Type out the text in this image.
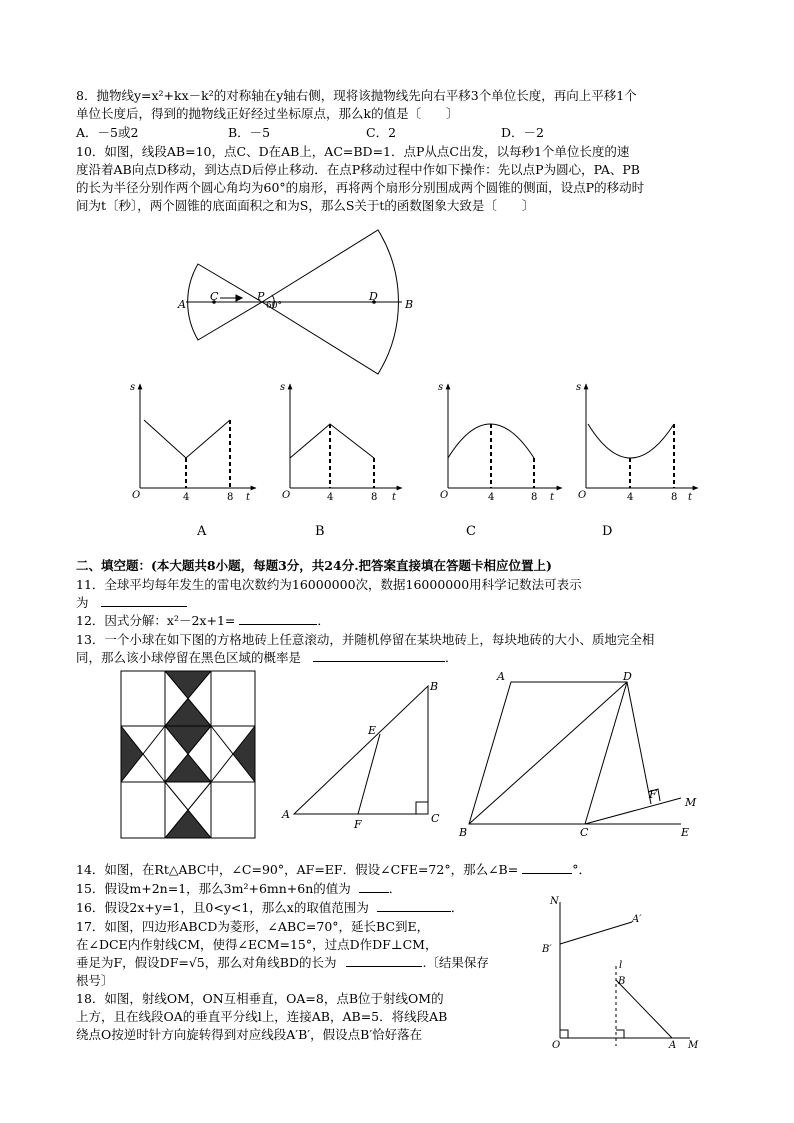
8．抛物线y=x²+kx－k²的对称轴在y轴右侧，现将该抛物线先向右平移3个单位长度，再向上平移1个
单位长度后，得到的抛物线正好经过坐标原点，那么k的值是〔　　〕
A．－5或2	B．－5	C．2	D．－2
10．如图，线段AB=10，点C、D在AB上，AC=BD=1．点P从点C出发，以每秒1个单位长度的速
度沿着AB向点D移动，到达点D后停止移动．在点P移动过程中作如下操作：先以点P为圆心，PA、PB
的长为半径分别作两个圆心角均为60°的扇形，再将两个扇形分别围成两个圆锥的侧面，设点P的移动时
间为t〔秒〕，两个圆锥的底面面积之和为S，那么S关于t的函数图象大致是〔　　〕
A
C	P	D
B
60°
s
O	4	8 t
s
O	4	8 t
s
O	4	8 t
s
O	4	8 t
A	B	C	D
二、填空题：(本大题共8小题，每题3分，共24分.把答案直接填在答题卡相应位置上)
11．全球平均每年发生的雷电次数约为16000000次，数据16000000用科学记数法可表示
为
12．因式分解：x²－2x+1=	．
13．一个小球在如下图的方格地砖上任意滚动，并随机停留在某块地砖上，每块地砖的大小、质地完全相
同，那么该小球停留在黑色区域的概率是	．
A
B
C
E
F
A	D
B	C	E
F
M
14．如图，在Rt△ABC中，∠C=90°，AF=EF．假设∠CFE=72°，那么∠B=	°．
15．假设m+2n=1，那么3m²+6mn+6n的值为	．
16．假设2x+y=1，且0<y<1，那么x的取值范围为	．
17．如图，四边形ABCD为菱形，∠ABC=70°，延长BC到E，
在∠DCE内作射线CM，使得∠ECM=15°，过点D作DF⊥CM，
垂足为F，假设DF=√5，那么对角线BD的长为	.〔结果保存
根号〕
18．如图，射线OM，ON互相垂直，OA=8，点B位于射线OM的
上方，且在线段OA的垂直平分线l上，连接AB，AB=5．将线段AB
绕点O按逆时针方向旋转得到对应线段A′B′，假设点B′恰好落在
N
A′
B′
l
B
O	A M
